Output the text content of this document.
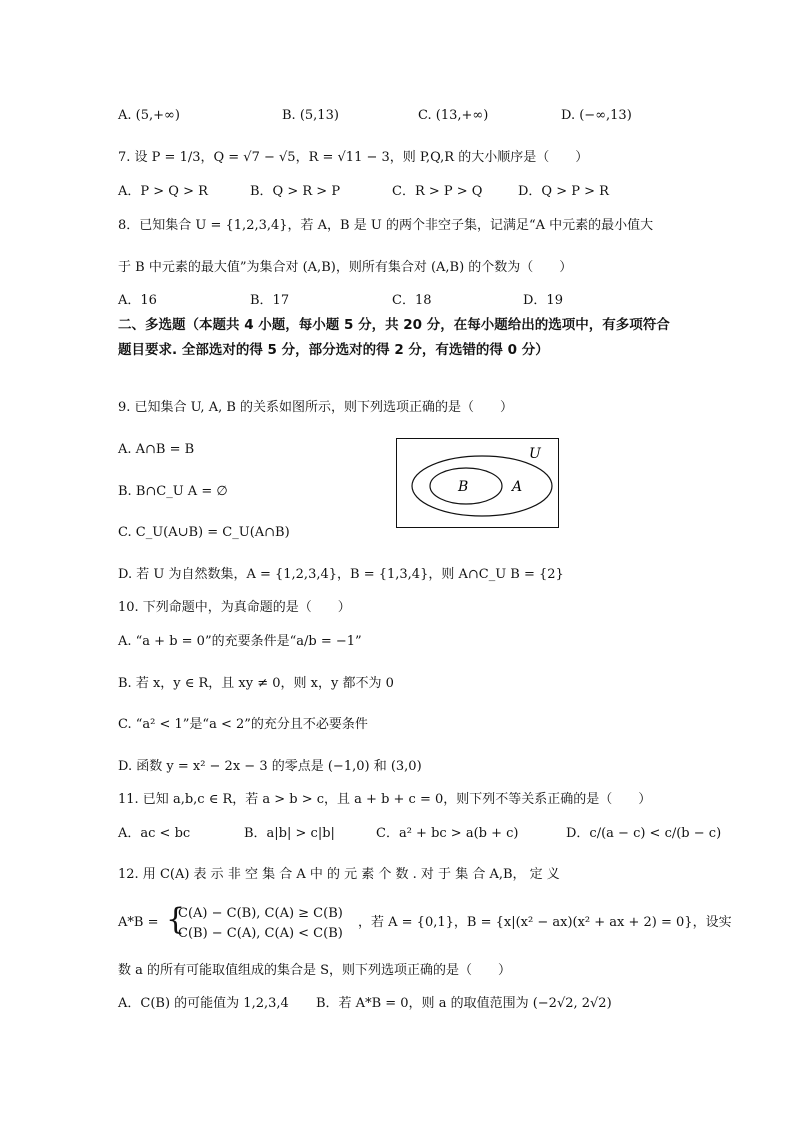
A. (5,+∞)	B. (5,13)	C. (13,+∞)	D. (−∞,13)
7. 设 P = 1/3，Q = √7 − √5，R = √11 − 3，则 P,Q,R 的大小顺序是（　　）
A．P > Q > R	B．Q > R > P	C．R > P > Q	D．Q > P > R
8．已知集合 U = {1,2,3,4}，若 A，B 是 U 的两个非空子集，记满足“A 中元素的最小值大
于 B 中元素的最大值”为集合对 (A,B)，则所有集合对 (A,B) 的个数为（　　）
A．16	B．17	C．18	D．19
二、多选题（本题共 4 小题，每小题 5 分，共 20 分，在每小题给出的选项中，有多项符合题目要求. 全部选对的得 5 分，部分选对的得 2 分，有选错的得 0 分）
9. 已知集合 U, A, B 的关系如图所示，则下列选项正确的是（　　）
A. A∩B = B
B. B∩C_U A = ∅
C. C_U(A∪B) = C_U(A∩B)
D. 若 U 为自然数集，A = {1,2,3,4}，B = {1,3,4}，则 A∩C_U B = {2}
U
A
B
10. 下列命题中，为真命题的是（　　）
A. “a + b = 0”的充要条件是“a/b = −1”
B. 若 x，y ∈ R，且 xy ≠ 0，则 x，y 都不为 0
C. “a² < 1”是“a < 2”的充分且不必要条件
D. 函数 y = x² − 2x − 3 的零点是 (−1,0) 和 (3,0)
11. 已知 a,b,c ∈ R，若 a > b > c，且 a + b + c = 0，则下列不等关系正确的是（　　）
A．ac < bc	B．a|b| > c|b|	C．a² + bc > a(b + c)	D．c/(a − c) < c/(b − c)
12. 用 C(A) 表 示 非 空 集 合 A 中 的 元 素 个 数 . 对 于 集 合 A,B， 定 义
A*B = {
C(A) − C(B), C(A) ≥ C(B)
C(B) − C(A), C(A) < C(B)
，若 A = {0,1}，B = {x|(x² − ax)(x² + ax + 2) = 0}，设实
数 a 的所有可能取值组成的集合是 S，则下列选项正确的是（　　）
A．C(B) 的可能值为 1,2,3,4 B．若 A*B = 0，则 a 的取值范围为 (−2√2, 2√2)
